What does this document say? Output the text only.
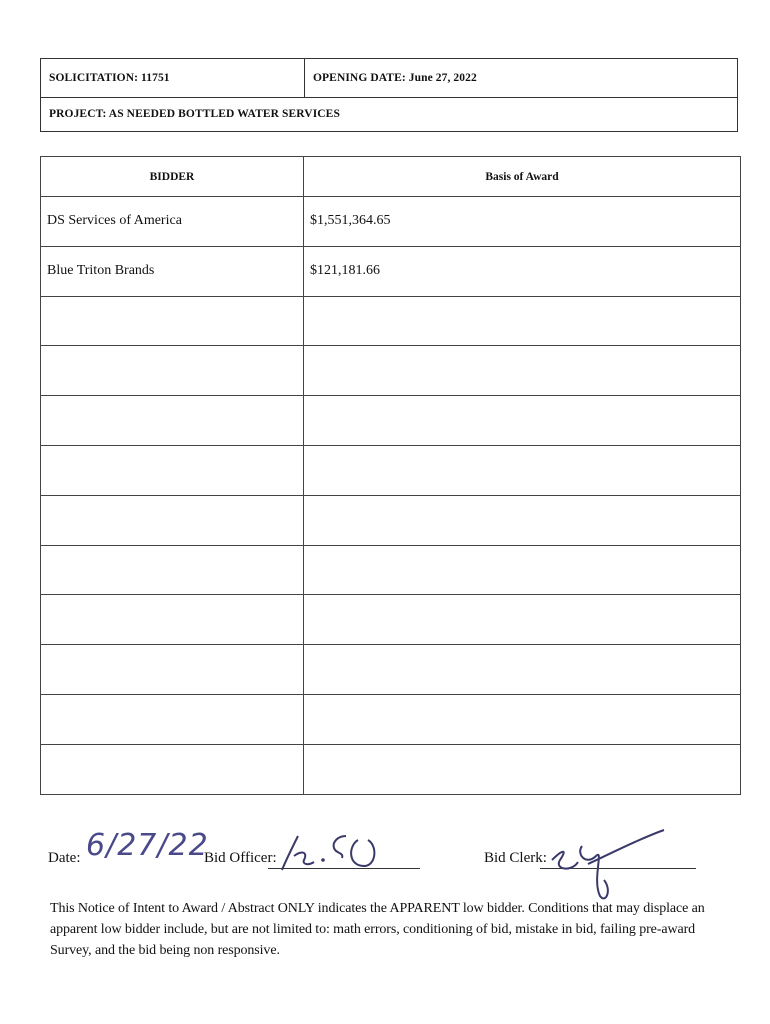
SOLICITATION: 11751	OPENING DATE: June 27, 2022
PROJECT: AS NEEDED BOTTLED WATER SERVICES
BIDDER	Basis of Award
DS Services of America	$1,551,364.65
Blue Triton Brands	$121,181.66

Date: 6/27/22
Bid Officer:	Bid Clerk:
This Notice of Intent to Award / Abstract ONLY indicates the APPARENT low bidder. Conditions that may displace an apparent low bidder include, but are not limited to: math errors, conditioning of bid, mistake in bid, failing pre-award Survey, and the bid being non responsive.
